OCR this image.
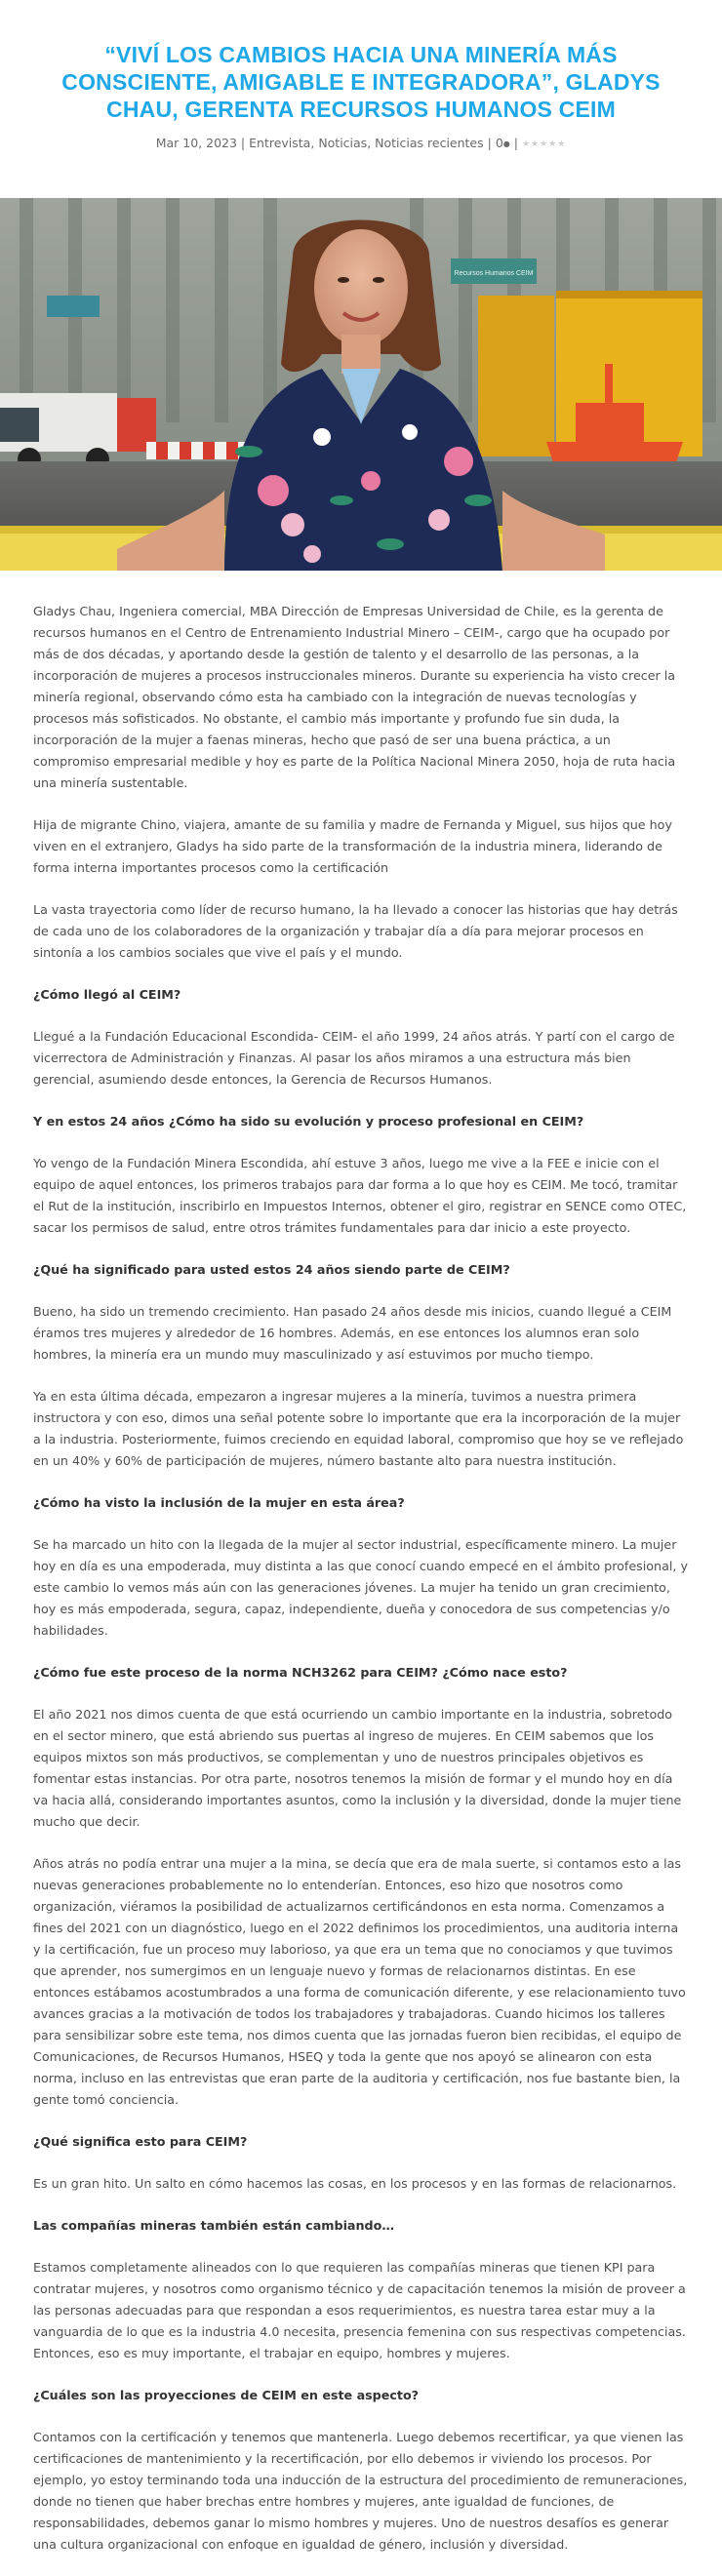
“VIVÍ LOS CAMBIOS HACIA UNA MINERÍA MÁS CONSCIENTE, AMIGABLE E INTEGRADORA”, GLADYS CHAU, GERENTA RECURSOS HUMANOS CEIM
Mar 10, 2023 | Entrevista, Noticias, Noticias recientes | 0● | ★★★★★
Recursos Humanos CEIM

Gladys Chau, Ingeniera comercial, MBA Dirección de Empresas Universidad de Chile, es la gerenta de recursos humanos en el Centro de Entrenamiento Industrial Minero – CEIM-, cargo que ha ocupado por más de dos décadas, y aportando desde la gestión de talento y el desarrollo de las personas, a la incorporación de mujeres a procesos instruccionales mineros. Durante su experiencia ha visto crecer la minería regional, observando cómo esta ha cambiado con la integración de nuevas tecnologías y procesos más sofisticados. No obstante, el cambio más importante y profundo fue sin duda, la incorporación de la mujer a faenas mineras, hecho que pasó de ser una buena práctica, a un compromiso empresarial medible y hoy es parte de la Política Nacional Minera 2050, hoja de ruta hacia una minería sustentable.

Hija de migrante Chino, viajera, amante de su familia y madre de Fernanda y Miguel, sus hijos que hoy viven en el extranjero, Gladys ha sido parte de la transformación de la industria minera, liderando de forma interna importantes procesos como la certificación

La vasta trayectoria como líder de recurso humano, la ha llevado a conocer las historias que hay detrás de cada uno de los colaboradores de la organización y trabajar día a día para mejorar procesos en sintonía a los cambios sociales que vive el país y el mundo.

¿Cómo llegó al CEIM?

Llegué a la Fundación Educacional Escondida- CEIM- el año 1999, 24 años atrás. Y partí con el cargo de vicerrectora de Administración y Finanzas. Al pasar los años miramos a una estructura más bien gerencial, asumiendo desde entonces, la Gerencia de Recursos Humanos.

Y en estos 24 años ¿Cómo ha sido su evolución y proceso profesional en CEIM?

Yo vengo de la Fundación Minera Escondida, ahí estuve 3 años, luego me vive a la FEE e inicie con el equipo de aquel entonces, los primeros trabajos para dar forma a lo que hoy es CEIM. Me tocó, tramitar el Rut de la institución, inscribirlo en Impuestos Internos, obtener el giro, registrar en SENCE como OTEC, sacar los permisos de salud, entre otros trámites fundamentales para dar inicio a este proyecto.

¿Qué ha significado para usted estos 24 años siendo parte de CEIM?

Bueno, ha sido un tremendo crecimiento. Han pasado 24 años desde mis inicios, cuando llegué a CEIM éramos tres mujeres y alrededor de 16 hombres. Además, en ese entonces los alumnos eran solo hombres, la minería era un mundo muy masculinizado y así estuvimos por mucho tiempo.

Ya en esta última década, empezaron a ingresar mujeres a la minería, tuvimos a nuestra primera instructora y con eso, dimos una señal potente sobre lo importante que era la incorporación de la mujer a la industria. Posteriormente, fuimos creciendo en equidad laboral, compromiso que hoy se ve reflejado en un 40% y 60% de participación de mujeres, número bastante alto para nuestra institución.

¿Cómo ha visto la inclusión de la mujer en esta área?

Se ha marcado un hito con la llegada de la mujer al sector industrial, específicamente minero. La mujer hoy en día es una empoderada, muy distinta a las que conocí cuando empecé en el ámbito profesional, y este cambio lo vemos más aún con las generaciones jóvenes. La mujer ha tenido un gran crecimiento, hoy es más empoderada, segura, capaz, independiente, dueña y conocedora de sus competencias y/o habilidades.

¿Cómo fue este proceso de la norma NCH3262 para CEIM? ¿Cómo nace esto?

El año 2021 nos dimos cuenta de que está ocurriendo un cambio importante en la industria, sobretodo en el sector minero, que está abriendo sus puertas al ingreso de mujeres. En CEIM sabemos que los equipos mixtos son más productivos, se complementan y uno de nuestros principales objetivos es fomentar estas instancias. Por otra parte, nosotros tenemos la misión de formar y el mundo hoy en día va hacia allá, considerando importantes asuntos, como la inclusión y la diversidad, donde la mujer tiene mucho que decir.

Años atrás no podía entrar una mujer a la mina, se decía que era de mala suerte, si contamos esto a las nuevas generaciones probablemente no lo entenderían. Entonces, eso hizo que nosotros como organización, viéramos la posibilidad de actualizarnos certificándonos en esta norma. Comenzamos a fines del 2021 con un diagnóstico, luego en el 2022 definimos los procedimientos, una auditoria interna y la certificación, fue un proceso muy laborioso, ya que era un tema que no conociamos y que tuvimos que aprender, nos sumergimos en un lenguaje nuevo y formas de relacionarnos distintas. En ese entonces estábamos acostumbrados a una forma de comunicación diferente, y ese relacionamiento tuvo avances gracias a la motivación de todos los trabajadores y trabajadoras. Cuando hicimos los talleres para sensibilizar sobre este tema, nos dimos cuenta que las jornadas fueron bien recibidas, el equipo de Comunicaciones, de Recursos Humanos, HSEQ y toda la gente que nos apoyó se alinearon con esta norma, incluso en las entrevistas que eran parte de la auditoria y certificación, nos fue bastante bien, la gente tomó conciencia.

¿Qué significa esto para CEIM?

Es un gran hito. Un salto en cómo hacemos las cosas, en los procesos y en las formas de relacionarnos.

Las compañías mineras también están cambiando…

Estamos completamente alineados con lo que requieren las compañías mineras que tienen KPI para contratar mujeres, y nosotros como organismo técnico y de capacitación tenemos la misión de proveer a las personas adecuadas para que respondan a esos requerimientos, es nuestra tarea estar muy a la vanguardia de lo que es la industria 4.0 necesita, presencia femenina con sus respectivas competencias. Entonces, eso es muy importante, el trabajar en equipo, hombres y mujeres.

¿Cuáles son las proyecciones de CEIM en este aspecto?

Contamos con la certificación y tenemos que mantenerla. Luego debemos recertificar, ya que vienen las certificaciones de mantenimiento y la recertificación, por ello debemos ir viviendo los procesos. Por ejemplo, yo estoy terminando toda una inducción de la estructura del procedimiento de remuneraciones, donde no tienen que haber brechas entre hombres y mujeres, ante igualdad de funciones, de responsabilidades, debemos ganar lo mismo hombres y mujeres. Uno de nuestros desafíos es generar una cultura organizacional con enfoque en igualdad de género, inclusión y diversidad.
